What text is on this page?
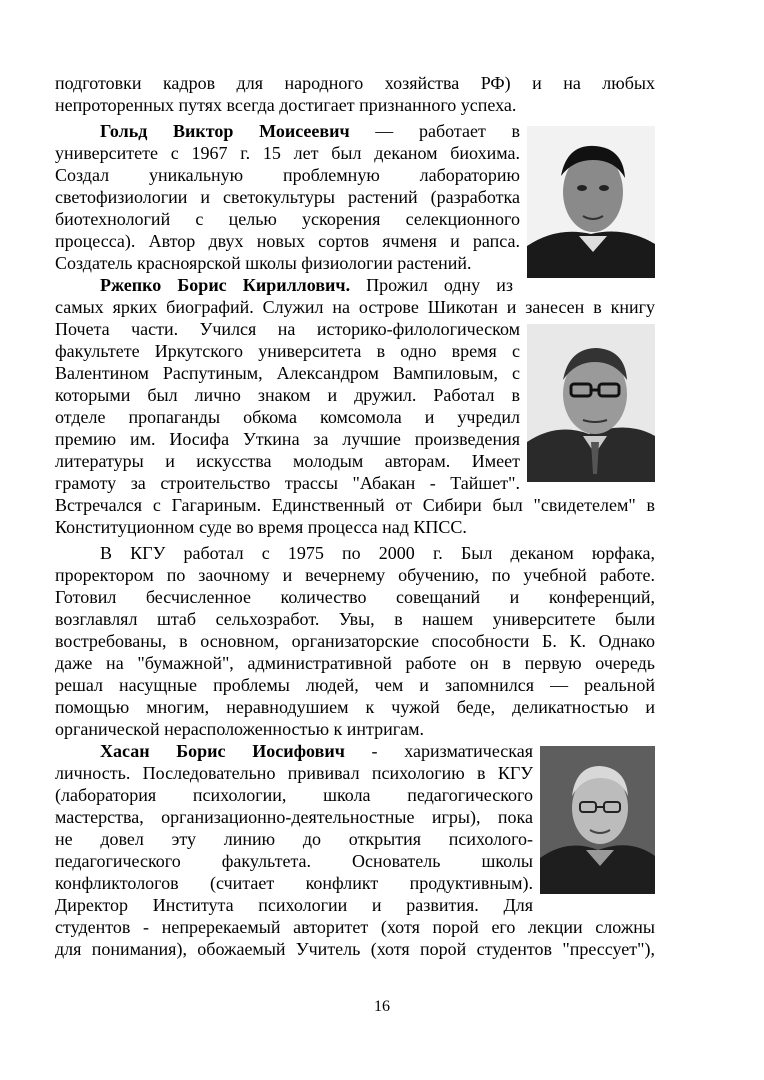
подготовки кадров для народного хозяйства РФ) и на любых
непроторенных путях всегда достигает признанного успеха.
Гольд Виктор Моисеевич — работает в
университете с 1967 г. 15 лет был деканом биохима.
Создал уникальную проблемную лабораторию
светофизиологии и светокультуры растений (разработка
биотехнологий с целью ускорения селекционного
процесса). Автор двух новых сортов ячменя и рапса.
Создатель красноярской школы физиологии растений.
Ржепко Борис Кириллович. Прожил одну из
самых ярких биографий. Служил на острове Шикотан и занесен в книгу
Почета части. Учился на историко-филологическом
факультете Иркутского университета в одно время с
Валентином Распутиным, Александром Вампиловым, с
которыми был лично знаком и дружил. Работал в
отделе пропаганды обкома комсомола и учредил
премию им. Иосифа Уткина за лучшие произведения
литературы и искусства молодым авторам. Имеет
грамоту за строительство трассы "Абакан - Тайшет".
Встречался с Гагариным. Единственный от Сибири был "свидетелем" в
Конституционном суде во время процесса над КПСС.
В КГУ работал с 1975 по 2000 г. Был деканом юрфака,
проректором по заочному и вечернему обучению, по учебной работе.
Готовил бесчисленное количество совещаний и конференций,
возглавлял штаб сельхозработ. Увы, в нашем университете были
востребованы, в основном, организаторские способности Б. К. Однако
даже на "бумажной", административной работе он в первую очередь
решал насущные проблемы людей, чем и запомнился — реальной
помощью многим, неравнодушием к чужой беде, деликатностью и
органической нерасположенностью к интригам.
Хасан Борис Иосифович - харизматическая
личность. Последовательно прививал психологию в КГУ
(лаборатория психологии, школа педагогического
мастерства, организационно-деятельностные игры), пока
не довел эту линию до открытия психолого-
педагогического факультета. Основатель школы
конфликтологов (считает конфликт продуктивным).
Директор Института психологии и развития. Для
студентов - непререкаемый авторитет (хотя порой его лекции сложны
для понимания), обожаемый Учитель (хотя порой студентов "прессует"),
16
